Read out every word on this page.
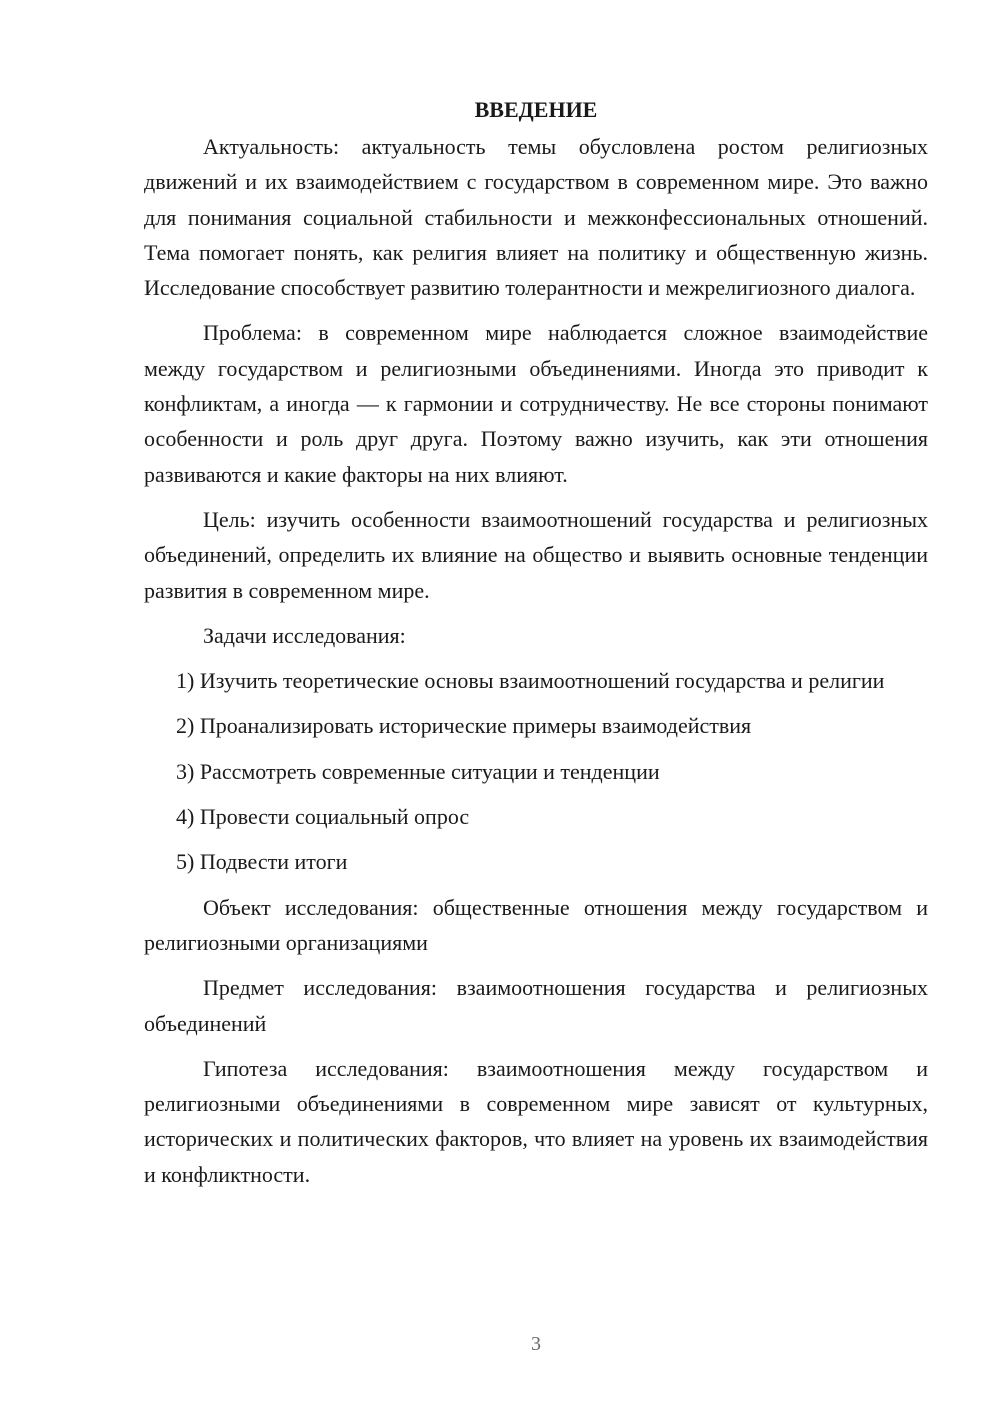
ВВЕДЕНИЕ

Актуальность: актуальность темы обусловлена ростом религиозных движений и их взаимодействием с государством в современном мире. Это важно для понимания социальной стабильности и межконфессиональных отношений. Тема помогает понять, как религия влияет на политику и общественную жизнь. Исследование способствует развитию толерантности и межрелигиозного диалога.

Проблема: в современном мире наблюдается сложное взаимодействие между государством и религиозными объединениями. Иногда это приводит к конфликтам, а иногда — к гармонии и сотрудничеству. Не все стороны понимают особенности и роль друг друга. Поэтому важно изучить, как эти отношения развиваются и какие факторы на них влияют.

Цель: изучить особенности взаимоотношений государства и религиозных объединений, определить их влияние на общество и выявить основные тенденции развития в современном мире.

Задачи исследования:

1) Изучить теоретические основы взаимоотношений государства и религии

2) Проанализировать исторические примеры взаимодействия

3) Рассмотреть современные ситуации и тенденции

4) Провести социальный опрос

5) Подвести итоги

Объект исследования: общественные отношения между государством и религиозными организациями

Предмет исследования: взаимоотношения государства и религиозных объединений

Гипотеза исследования: взаимоотношения между государством и религиозными объединениями в современном мире зависят от культурных, исторических и политических факторов, что влияет на уровень их взаимодействия и конфликтности.

3
